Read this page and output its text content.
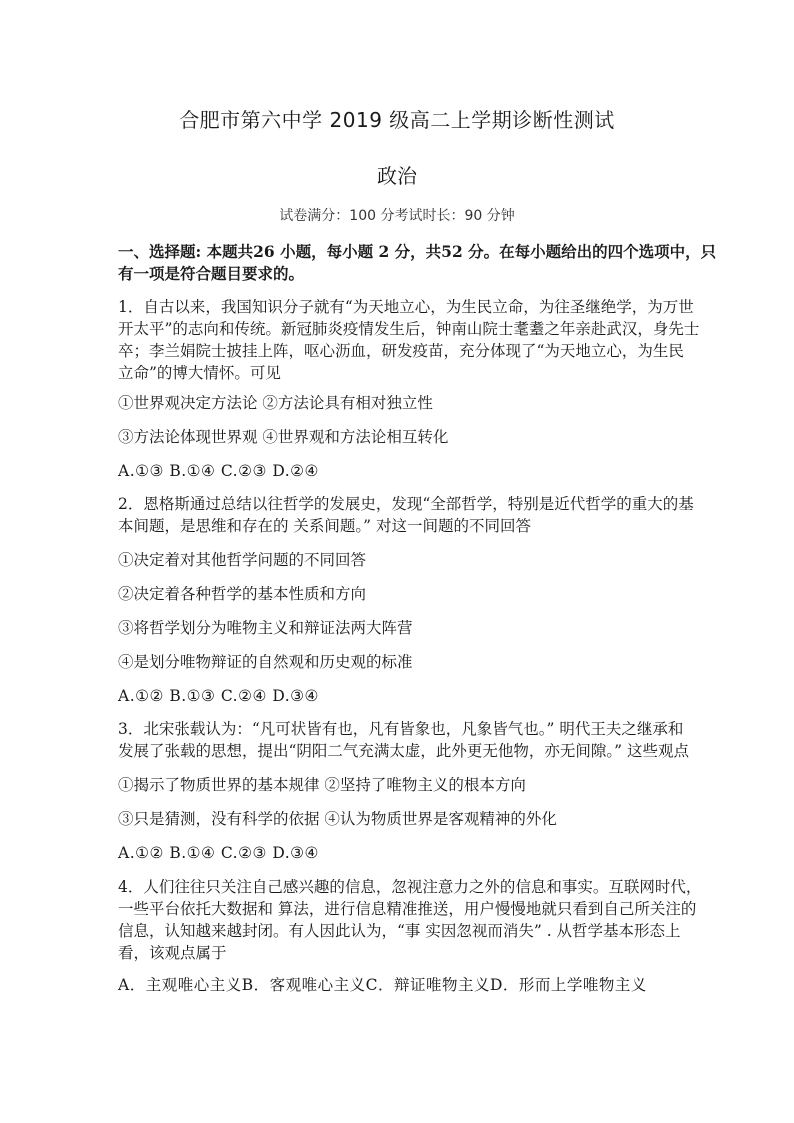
合肥市第六中学 2019 级高二上学期诊断性测试
政治
试卷满分：100 分考试时长：90 分钟
一、选择题: 本题共26 小题，每小题 2 分，共52 分。在每小题给出的四个选项中，只
有一项是符合题目要求的。
1．自古以来，我国知识分子就有“为天地立心，为生民立命，为往圣继绝学，为万世
开太平”的志向和传统。新冠肺炎疫情发生后，钟南山院士耄耋之年亲赴武汉，身先士
卒；李兰娟院士披挂上阵，呕心沥血，研发疫苗，充分体现了“为天地立心，为生民
立命”的博大情怀。可见
①世界观决定方法论 ②方法论具有相对独立性
③方法论体现世界观 ④世界观和方法论相互转化
A.①③ B.①④ C.②③ D.②④
2．恩格斯通过总结以往哲学的发展史，发现“全部哲学，特别是近代哲学的重大的基
本间题，是思维和存在的 关系间题。” 对这一间题的不同回答
①决定着对其他哲学问题的不同回答
②决定着各种哲学的基本性质和方向
③将哲学划分为唯物主义和辩证法两大阵营
④是划分唯物辩证的自然观和历史观的标准
A.①② B.①③ C.②④ D.③④
3．北宋张载认为：“凡可状皆有也，凡有皆象也，凡象皆气也。” 明代王夫之继承和
发展了张载的思想，提出“阴阳二气充满太虚，此外更无他物，亦无间隙。” 这些观点
①揭示了物质世界的基本规律 ②坚持了唯物主义的根本方向
③只是猜测，没有科学的依据 ④认为物质世界是客观精神的外化
A.①② B.①④ C.②③ D.③④
4．人们往往只关注自己感兴趣的信息，忽视注意力之外的信息和事实。互联网时代，
一些平台依托大数据和 算法，进行信息精准推送，用户慢慢地就只看到自己所关注的
信息，认知越来越封闭。有人因此认为，“事 实因忽视而消失” . 从哲学基本形态上
看，该观点属于
A．主观唯心主义B．客观唯心主义C．辩证唯物主义D．形而上学唯物主义
